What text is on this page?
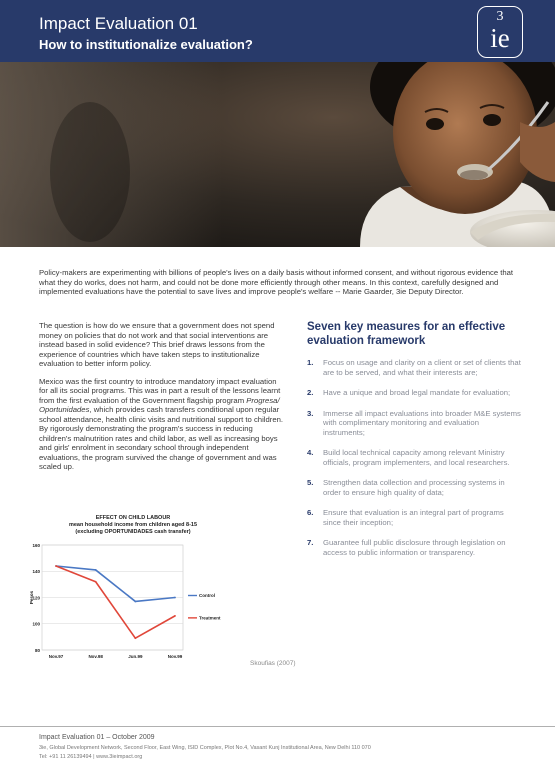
Impact Evaluation 01
How to institutionalize evaluation?
3
ie
Policy-makers are experimenting with billions of people's lives on a daily basis without informed consent, and without rigorous evidence that what they do works, does not harm, and could not be done more efficiently through other means. In this context, carefully designed and implemented evaluations have the potential to save lives and improve people's welfare -- Marie Gaarder, 3ie Deputy Director.

The question is how do we ensure that a government does not spend money on policies that do not work and that social interventions are instead based in solid evidence? This brief draws lessons from the experience of countries which have taken steps to institutionalize evaluation to better inform policy.

Mexico was the first country to introduce mandatory impact evaluation for all its social programs. This was in part a result of the lessons learnt from the first evaluation of the Government flagship program Progresa/ Oportunidades, which provides cash transfers conditional upon regular school attendance, health clinic visits and nutritional support to children. By rigorously demonstrating the program's success in reducing children's malnutrition rates and child labor, as well as increasing boys and girls' enrolment in secondary school through independent evaluations, the program survived the change of government and was scaled up.

Seven key measures for an effective evaluation framework
1. Focus on usage and clarity on a client or set of clients that are to be served, and what their interests are;
2. Have a unique and broad legal mandate for evaluation;
3. Immerse all impact evaluations into broader M&E systems with complimentary monitoring and evaluation instruments;
4. Build local technical capacity among relevant Ministry officials, program implementers, and local researchers.
5. Strengthen data collection and processing systems in order to ensure high quality of data;
6. Ensure that evaluation is an integral part of programs since their inception;
7. Guarantee full public disclosure through legislation on access to public information or transparency.
EFFECT ON CHILD LABOUR
mean household income from children aged 8-15
(excluding OPORTUNIDADES cash transfer)
80
100
120
140
160
Pesos
Nov.97	Nov.98	Jun.99	Nov.99
Control
Treatment
Skoufias (2007)
Impact Evaluation 01 – October 2009
3ie, Global Development Network, Second Floor, East Wing, ISID Complex, Plot No.4, Vasant Kunj Institutional Area, New Delhi 110 070
Tel: +91 11 26139494 | www.3ieimpact.org
